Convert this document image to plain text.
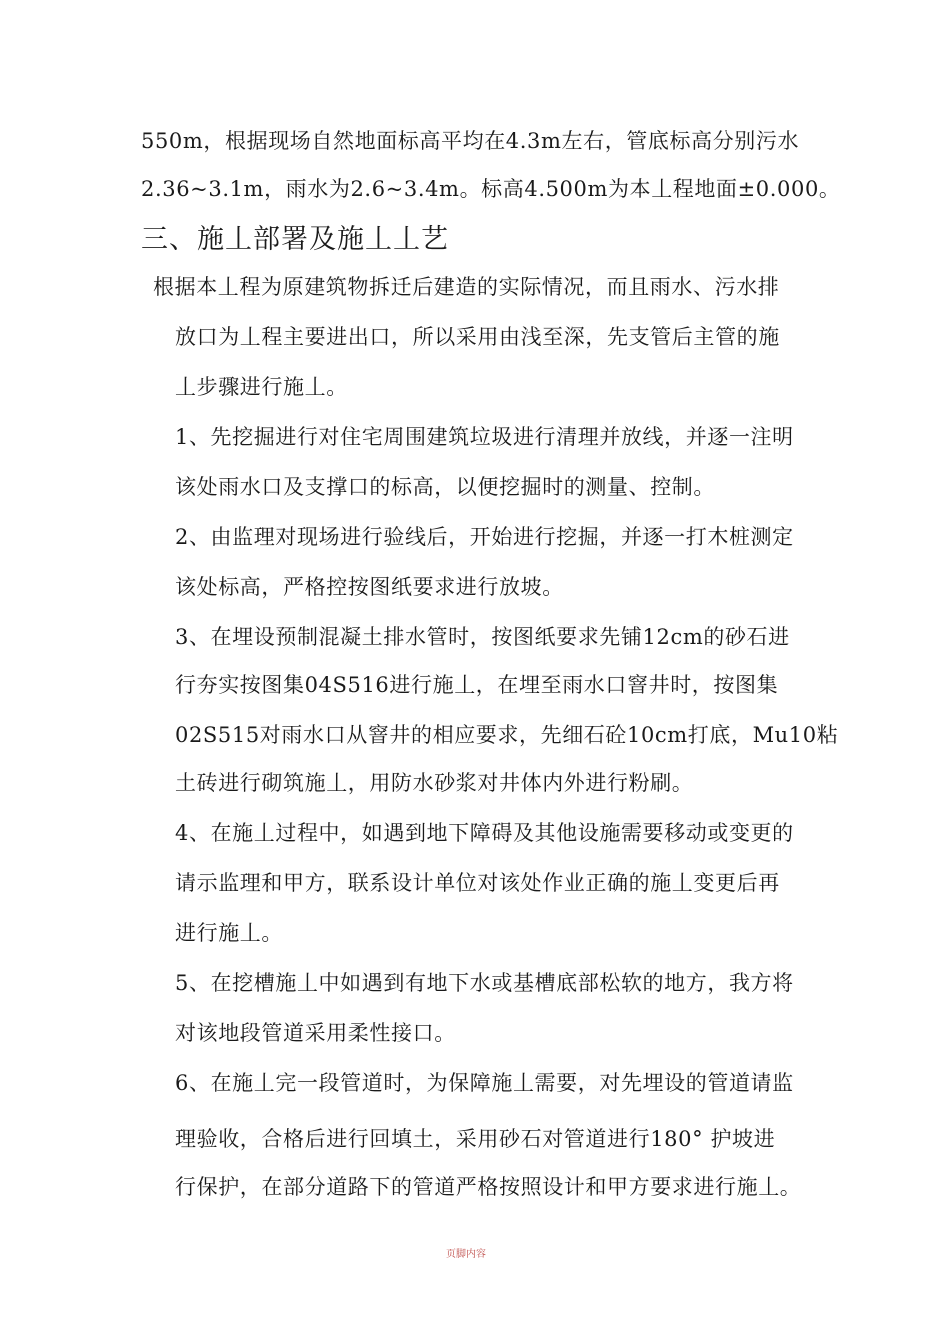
550m，根据现场自然地面标高平均在4.3m左右，管底标高分别污水
2.36~3.1m，雨水为2.6~3.4m。标高4.500m为本丄程地面±0.000。
三、施丄部署及施丄丄艺
根据本丄程为原建筑物拆迁后建造的实际情况，而且雨水、污水排
放口为丄程主要进出口，所以采用由浅至深，先支管后主管的施
丄步骤进行施丄。
1、先挖掘进行对住宅周围建筑垃圾进行清理并放线，并逐一注明
该处雨水口及支撑口的标高，以便挖掘时的测量、控制。
2、由监理对现场进行验线后，开始进行挖掘，并逐一打木桩测定
该处标高，严格控按图纸要求进行放坡。
3、在埋设预制混凝土排水管时，按图纸要求先铺12cm的砂石进
行夯实按图集04S516进行施丄，在埋至雨水口窨井时，按图集
02S515对雨水口从窨井的相应要求，先细石砼10cm打底，Mu10粘
土砖进行砌筑施丄，用防水砂浆对井体内外进行粉刷。
4、在施丄过程中，如遇到地下障碍及其他设施需要移动或变更的
请示监理和甲方，联系设计单位对该处作业正确的施丄变更后再
进行施丄。
5、在挖槽施丄中如遇到有地下水或基槽底部松软的地方，我方将
对该地段管道采用柔性接口。
6、在施丄完一段管道时，为保障施丄需要，对先埋设的管道请监
理验收，合格后进行回填土，采用砂石对管道进行180° 护坡进
行保护，在部分道路下的管道严格按照设计和甲方要求进行施丄。
页脚内容
